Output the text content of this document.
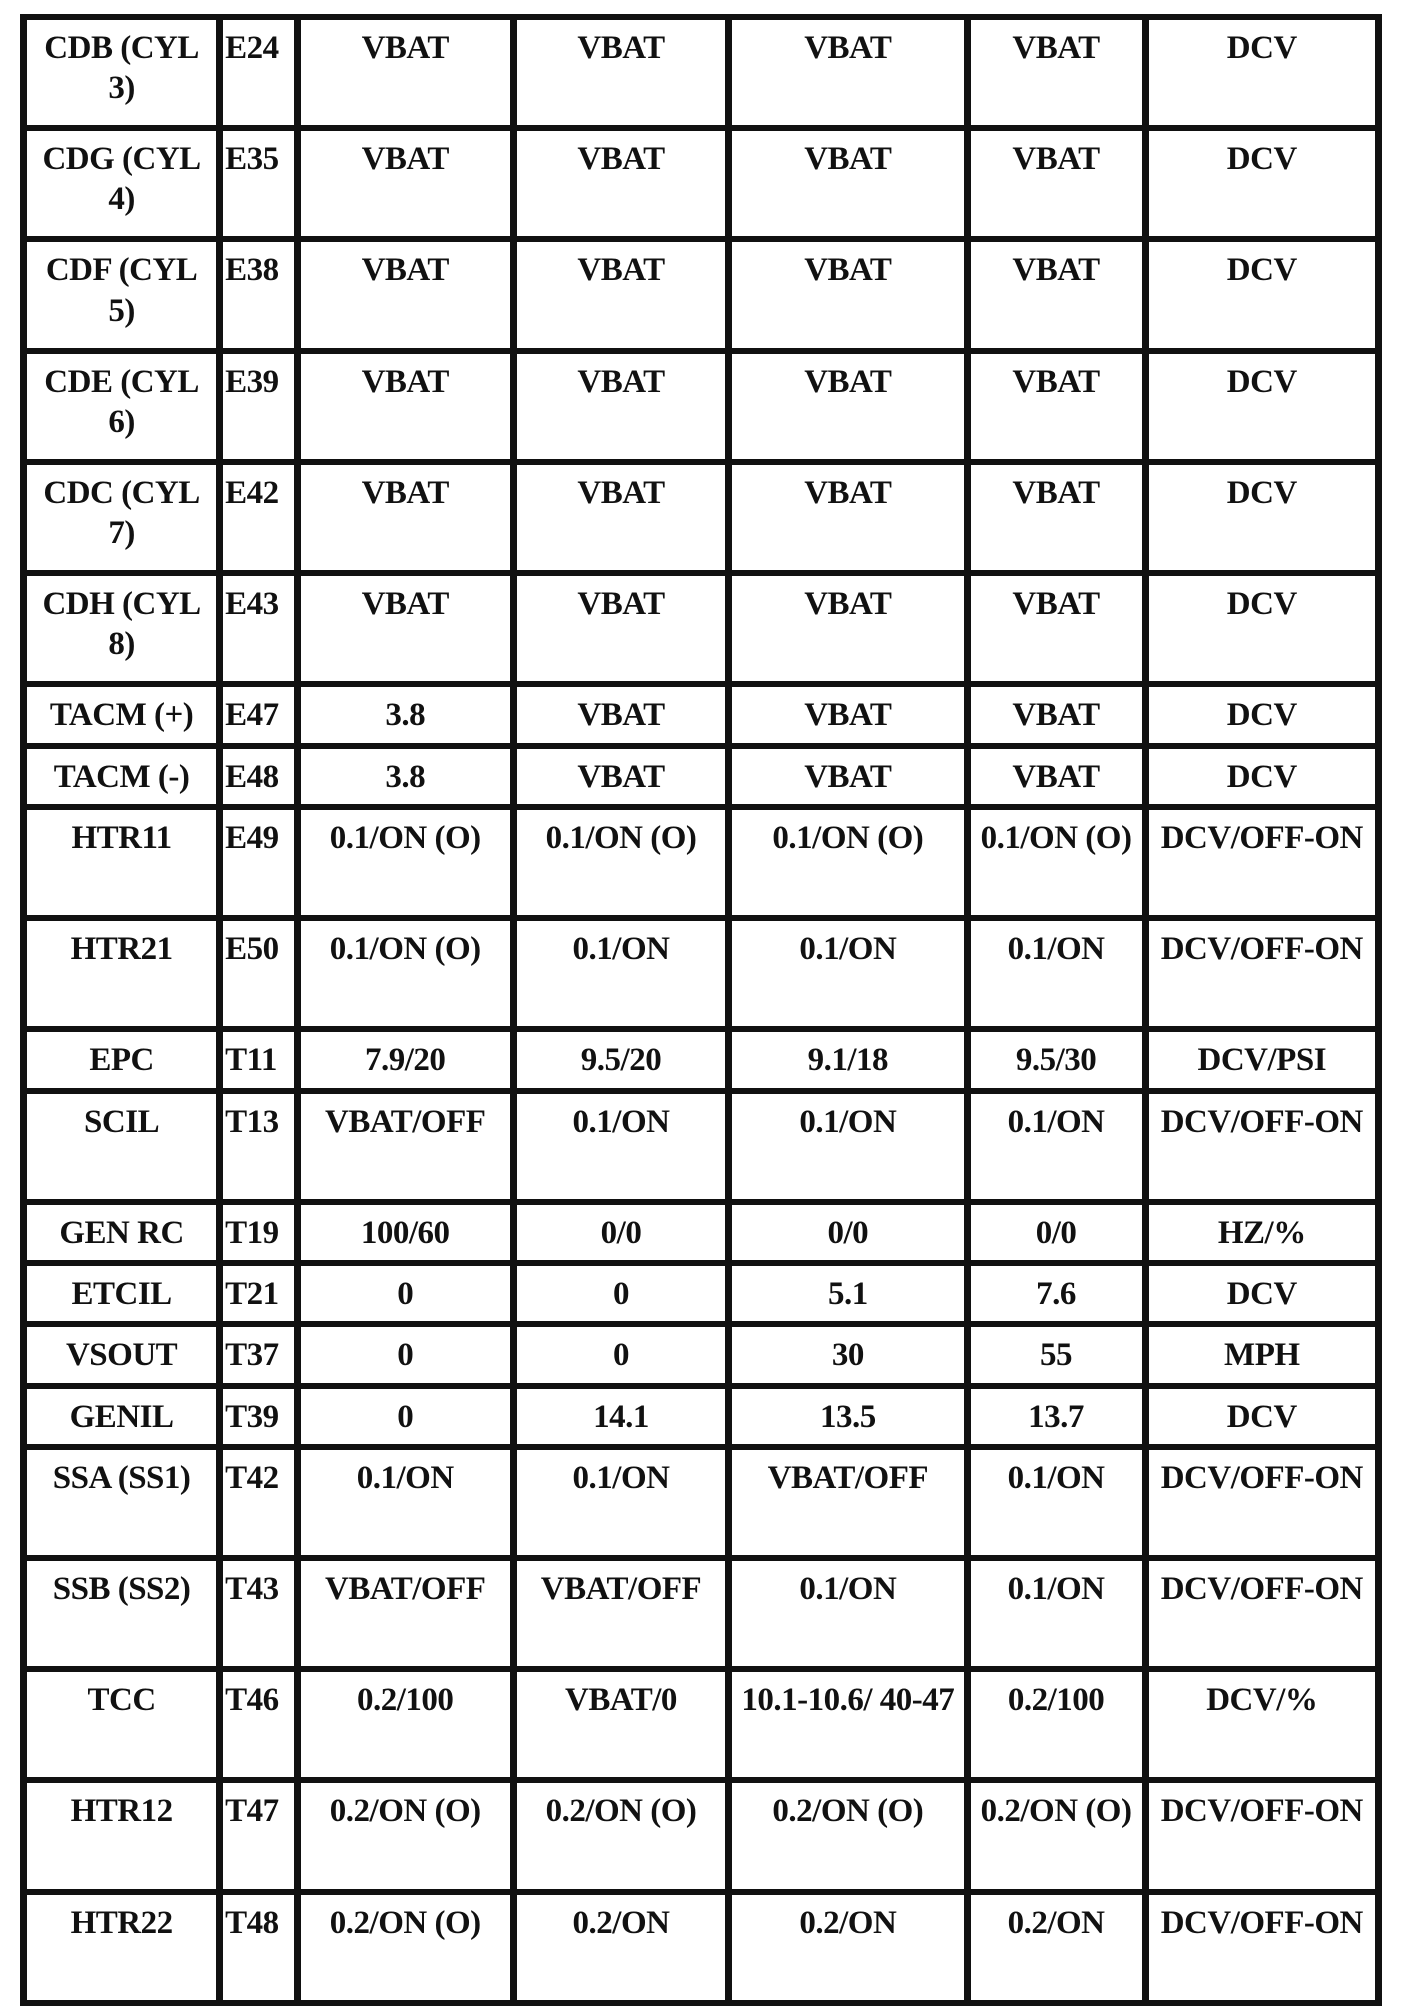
CDB (CYL 3)	E24	VBAT	VBAT	VBAT	VBAT	DCV
CDG (CYL 4)	E35	VBAT	VBAT	VBAT	VBAT	DCV
CDF (CYL 5)	E38	VBAT	VBAT	VBAT	VBAT	DCV
CDE (CYL 6)	E39	VBAT	VBAT	VBAT	VBAT	DCV
CDC (CYL 7)	E42	VBAT	VBAT	VBAT	VBAT	DCV
CDH (CYL 8)	E43	VBAT	VBAT	VBAT	VBAT	DCV
TACM (+)	E47	3.8	VBAT	VBAT	VBAT	DCV
TACM (-)	E48	3.8	VBAT	VBAT	VBAT	DCV
HTR11	E49	0.1/ON (O)	0.1/ON (O)	0.1/ON (O)	0.1/ON (O)	DCV/OFF-ON
HTR21	E50	0.1/ON (O)	0.1/ON	0.1/ON	0.1/ON	DCV/OFF-ON
EPC	T11	7.9/20	9.5/20	9.1/18	9.5/30	DCV/PSI
SCIL	T13	VBAT/OFF	0.1/ON	0.1/ON	0.1/ON	DCV/OFF-ON
GEN RC	T19	100/60	0/0	0/0	0/0	HZ/%
ETCIL	T21	0	0	5.1	7.6	DCV
VSOUT	T37	0	0	30	55	MPH
GENIL	T39	0	14.1	13.5	13.7	DCV
SSA (SS1)	T42	0.1/ON	0.1/ON	VBAT/OFF	0.1/ON	DCV/OFF-ON
SSB (SS2)	T43	VBAT/OFF	VBAT/OFF	0.1/ON	0.1/ON	DCV/OFF-ON
TCC	T46	0.2/100	VBAT/0	10.1-10.6/ 40-47	0.2/100	DCV/%
HTR12	T47	0.2/ON (O)	0.2/ON (O)	0.2/ON (O)	0.2/ON (O)	DCV/OFF-ON
HTR22	T48	0.2/ON (O)	0.2/ON	0.2/ON	0.2/ON	DCV/OFF-ON
